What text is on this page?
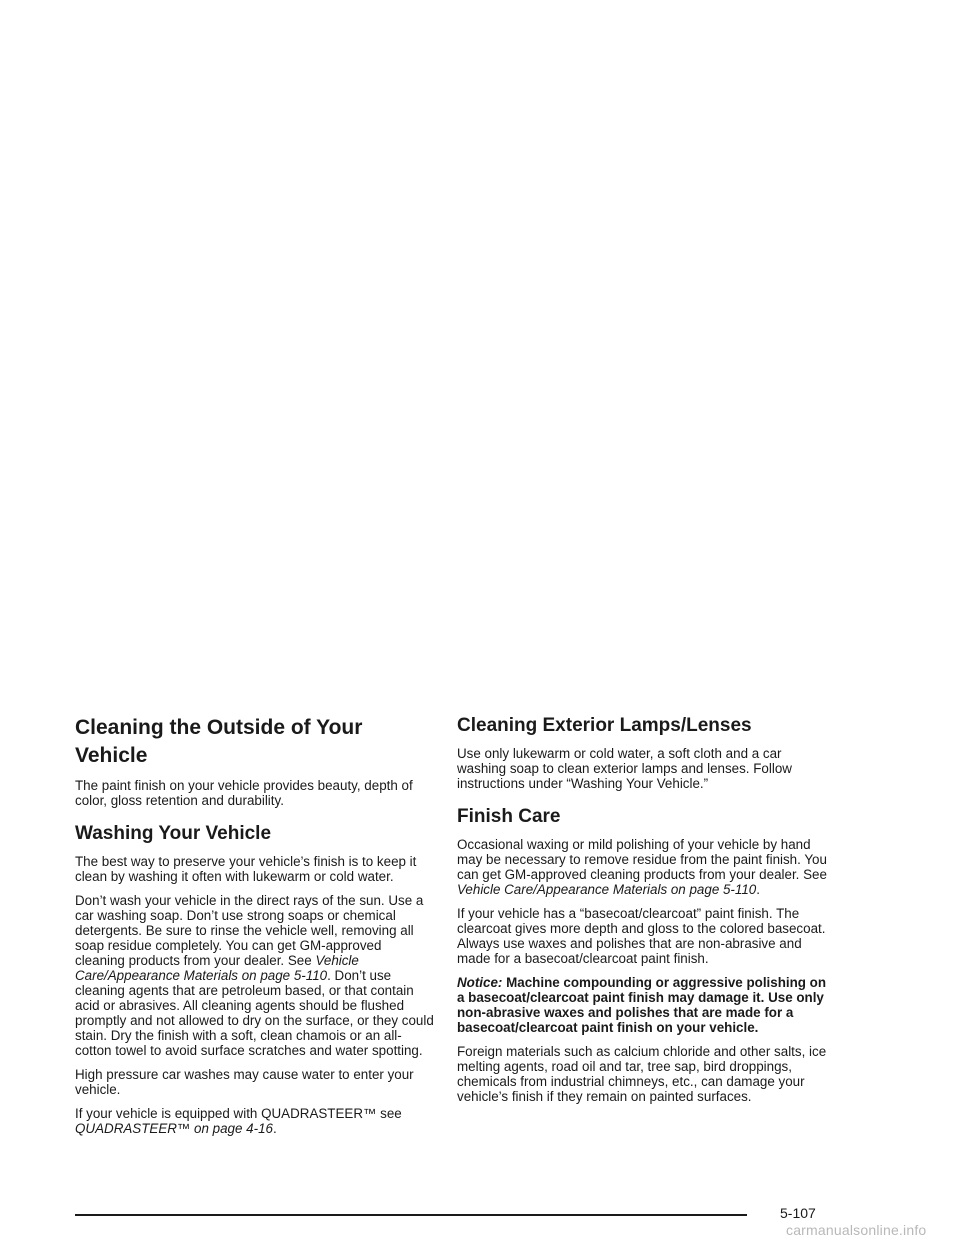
Cleaning the Outside of Your Vehicle

The paint finish on your vehicle provides beauty, depth of color, gloss retention and durability.

Washing Your Vehicle

The best way to preserve your vehicle’s finish is to keep it clean by washing it often with lukewarm or cold water.

Don’t wash your vehicle in the direct rays of the sun. Use a car washing soap. Don’t use strong soaps or chemical detergents. Be sure to rinse the vehicle well, removing all soap residue completely. You can get GM-approved cleaning products from your dealer. See Vehicle Care/Appearance Materials on page 5-110. Don’t use cleaning agents that are petroleum based, or that contain acid or abrasives. All cleaning agents should be flushed promptly and not allowed to dry on the surface, or they could stain. Dry the finish with a soft, clean chamois or an all-cotton towel to avoid surface scratches and water spotting.

High pressure car washes may cause water to enter your vehicle.

If your vehicle is equipped with QUADRASTEER™ see QUADRASTEER™ on page 4-16.

Cleaning Exterior Lamps/Lenses

Use only lukewarm or cold water, a soft cloth and a car washing soap to clean exterior lamps and lenses. Follow instructions under “Washing Your Vehicle.”

Finish Care

Occasional waxing or mild polishing of your vehicle by hand may be necessary to remove residue from the paint finish. You can get GM-approved cleaning products from your dealer. See Vehicle Care/Appearance Materials on page 5-110.

If your vehicle has a “basecoat/clearcoat” paint finish. The clearcoat gives more depth and gloss to the colored basecoat. Always use waxes and polishes that are non-abrasive and made for a basecoat/clearcoat paint finish.

Notice: Machine compounding or aggressive polishing on a basecoat/clearcoat paint finish may damage it. Use only non-abrasive waxes and polishes that are made for a basecoat/clearcoat paint finish on your vehicle.

Foreign materials such as calcium chloride and other salts, ice melting agents, road oil and tar, tree sap, bird droppings, chemicals from industrial chimneys, etc., can damage your vehicle’s finish if they remain on painted surfaces.

5-107
carmanualsonline.info
